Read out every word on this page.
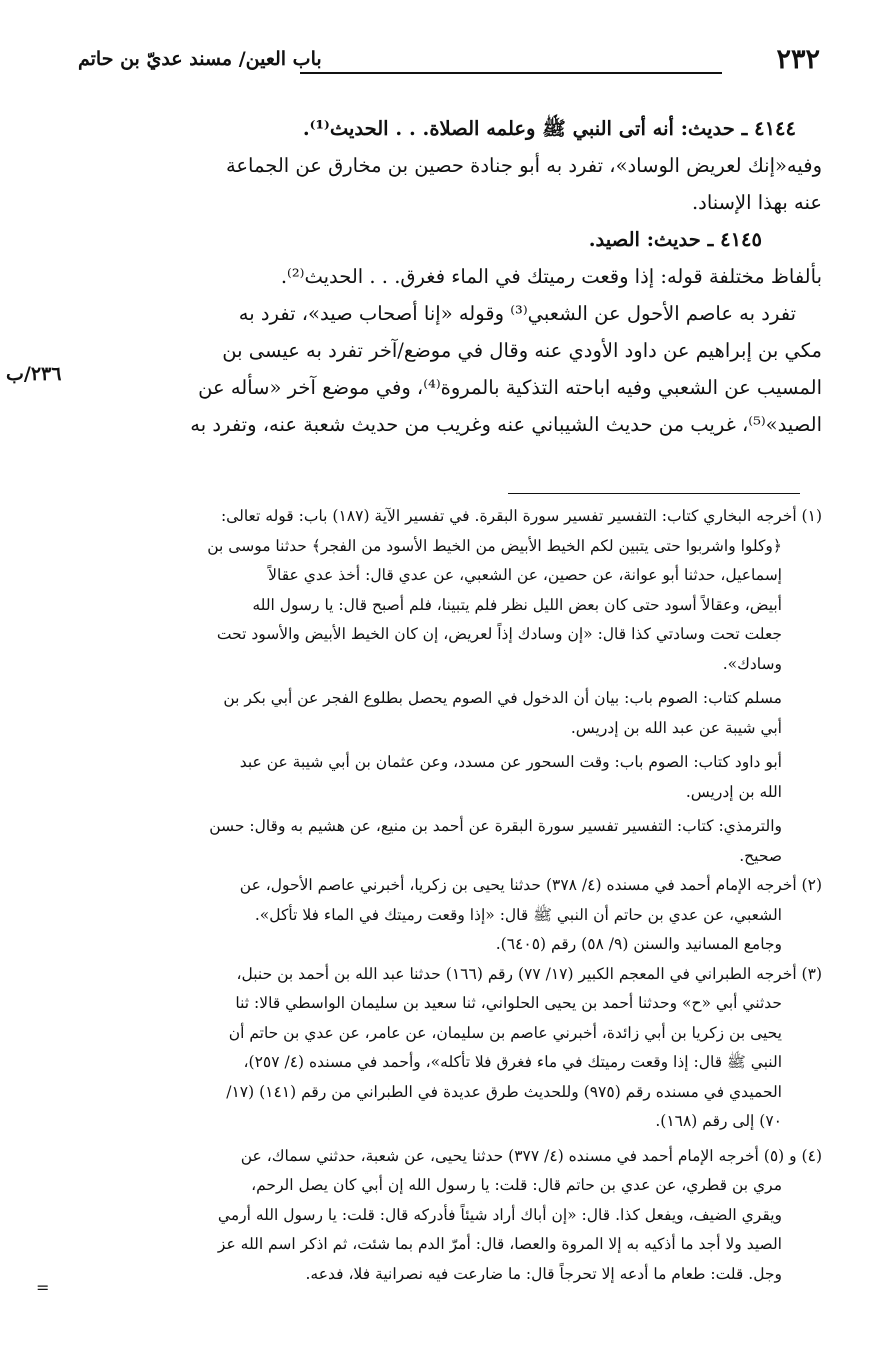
٢٣٢
باب العين/ مسند عديّ بن حاتم
٢٣٦/ب
٤١٤٤ ـ حديث: أنه أتى النبي ﷺ وعلمه الصلاة. . . الحديث⁽¹⁾.
وفيه«إنك لعريض الوساد»، تفرد به أبو جنادة حصين بن مخارق عن الجماعة
عنه بهذا الإسناد.
٤١٤٥ ـ حديث: الصيد.
بألفاظ مختلفة قوله: إذا وقعت رميتك في الماء فغرق. . . الحديث⁽²⁾.
تفرد به عاصم الأحول عن الشعبي⁽³⁾ وقوله «إنا أصحاب صيد»، تفرد به
مكي بن إبراهيم عن داود الأودي عنه وقال في موضع/آخر تفرد به عيسى بن
المسيب عن الشعبي وفيه اباحته التذكية بالمروة⁽⁴⁾، وفي موضع آخر «سأله عن
الصيد»⁽⁵⁾، غريب من حديث الشيباني عنه وغريب من حديث شعبة عنه، وتفرد به
(١) أخرجه البخاري كتاب: التفسير تفسير سورة البقرة. في تفسير الآية (١٨٧) باب: قوله تعالى:
﴿وكلوا واشربوا حتى يتبين لكم الخيط الأبيض من الخيط الأسود من الفجر﴾ حدثنا موسى بن
إسماعيل، حدثنا أبو عوانة، عن حصين، عن الشعبي، عن عدي قال: أخذ عدي عقالاً
أبيض، وعقالاً أسود حتى كان بعض الليل نظر فلم يتبينا، فلم أصبح قال: يا رسول الله
جعلت تحت وسادتي كذا قال: «إن وسادك إذاً لعريض، إن كان الخيط الأبيض والأسود تحت
وسادك».
مسلم كتاب: الصوم باب: بيان أن الدخول في الصوم يحصل بطلوع الفجر عن أبي بكر بن
أبي شيبة عن عبد الله بن إدريس.
أبو داود كتاب: الصوم باب: وقت السحور عن مسدد، وعن عثمان بن أبي شيبة عن عبد
الله بن إدريس.
والترمذي: كتاب: التفسير تفسير سورة البقرة عن أحمد بن منيع، عن هشيم به وقال: حسن
صحيح.
(٢) أخرجه الإمام أحمد في مسنده (٤/ ٣٧٨) حدثنا يحيى بن زكريا، أخبرني عاصم الأحول، عن
الشعبي، عن عدي بن حاتم أن النبي ﷺ قال: «إذا وقعت رميتك في الماء فلا تأكل».
وجامع المسانيد والسنن (٩/ ٥٨) رقم (٦٤٠٥).
(٣) أخرجه الطبراني في المعجم الكبير (١٧/ ٧٧) رقم (١٦٦) حدثنا عبد الله بن أحمد بن حنبل،
حدثني أبي «ح» وحدثنا أحمد بن يحيى الحلواني، ثنا سعيد بن سليمان الواسطي قالا: ثنا
يحيى بن زكريا بن أبي زائدة، أخبرني عاصم بن سليمان، عن عامر، عن عدي بن حاتم أن
النبي ﷺ قال: إذا وقعت رميتك في ماء فغرق فلا تأكله»، وأحمد في مسنده (٤/ ٢٥٧)،
الحميدي في مسنده رقم (٩٧٥) وللحديث طرق عديدة في الطبراني من رقم (١٤١) (١٧/
٧٠) إلى رقم (١٦٨).
(٤) و (٥) أخرجه الإمام أحمد في مسنده (٤/ ٣٧٧) حدثنا يحيى، عن شعبة، حدثني سماك، عن
مري بن قطري، عن عدي بن حاتم قال: قلت: يا رسول الله إن أبي كان يصل الرحم،
ويقري الضيف، ويفعل كذا. قال: «إن أباك أراد شيئاً فأدركه قال: قلت: يا رسول الله أرمي
الصيد ولا أجد ما أذكيه به إلا المروة والعصا، قال: أمرّ الدم بما شئت، ثم اذكر اسم الله عز
وجل. قلت: طعام ما أدعه إلا تحرجاً قال: ما ضارعت فيه نصرانية فلا، فدعه.
=
